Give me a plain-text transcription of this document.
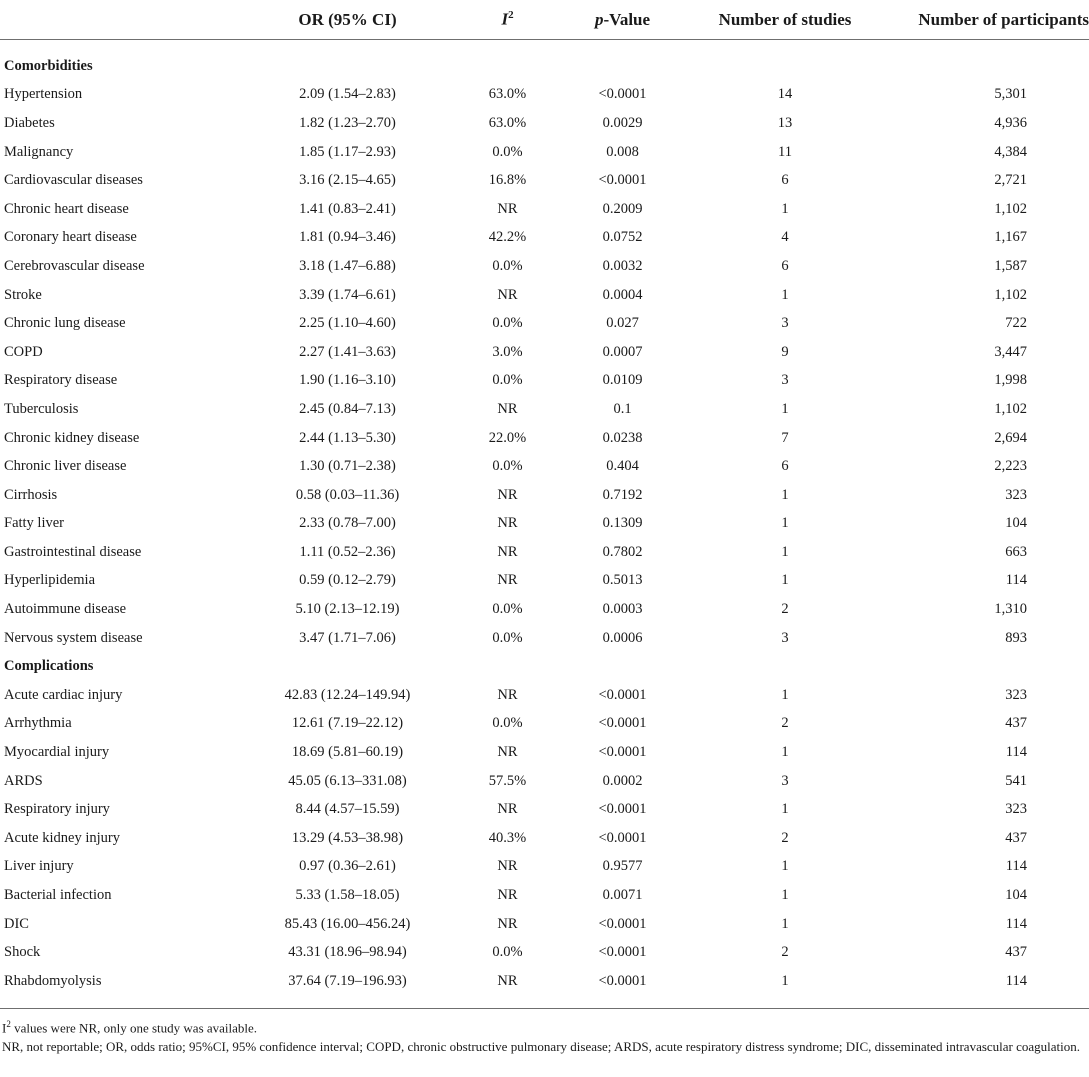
	OR (95% CI)	$I^2$	p-Value	Number of studies	Number of participants
Comorbidities					
Hypertension	2.09 (1.54–2.83)	63.0%	<0.0001	14	5,301
Diabetes	1.82 (1.23–2.70)	63.0%	0.0029	13	4,936
Malignancy	1.85 (1.17–2.93)	0.0%	0.008	11	4,384
Cardiovascular diseases	3.16 (2.15–4.65)	16.8%	<0.0001	6	2,721
Chronic heart disease	1.41 (0.83–2.41)	NR	0.2009	1	1,102
Coronary heart disease	1.81 (0.94–3.46)	42.2%	0.0752	4	1,167
Cerebrovascular disease	3.18 (1.47–6.88)	0.0%	0.0032	6	1,587
Stroke	3.39 (1.74–6.61)	NR	0.0004	1	1,102
Chronic lung disease	2.25 (1.10–4.60)	0.0%	0.027	3	722
COPD	2.27 (1.41–3.63)	3.0%	0.0007	9	3,447
Respiratory disease	1.90 (1.16–3.10)	0.0%	0.0109	3	1,998
Tuberculosis	2.45 (0.84–7.13)	NR	0.1	1	1,102
Chronic kidney disease	2.44 (1.13–5.30)	22.0%	0.0238	7	2,694
Chronic liver disease	1.30 (0.71–2.38)	0.0%	0.404	6	2,223
Cirrhosis	0.58 (0.03–11.36)	NR	0.7192	1	323
Fatty liver	2.33 (0.78–7.00)	NR	0.1309	1	104
Gastrointestinal disease	1.11 (0.52–2.36)	NR	0.7802	1	663
Hyperlipidemia	0.59 (0.12–2.79)	NR	0.5013	1	114
Autoimmune disease	5.10 (2.13–12.19)	0.0%	0.0003	2	1,310
Nervous system disease	3.47 (1.71–7.06)	0.0%	0.0006	3	893
Complications					
Acute cardiac injury	42.83 (12.24–149.94)	NR	<0.0001	1	323
Arrhythmia	12.61 (7.19–22.12)	0.0%	<0.0001	2	437
Myocardial injury	18.69 (5.81–60.19)	NR	<0.0001	1	114
ARDS	45.05 (6.13–331.08)	57.5%	0.0002	3	541
Respiratory injury	8.44 (4.57–15.59)	NR	<0.0001	1	323
Acute kidney injury	13.29 (4.53–38.98)	40.3%	<0.0001	2	437
Liver injury	0.97 (0.36–2.61)	NR	0.9577	1	114
Bacterial infection	5.33 (1.58–18.05)	NR	0.0071	1	104
DIC	85.43 (16.00–456.24)	NR	<0.0001	1	114
Shock	43.31 (18.96–98.94)	0.0%	<0.0001	2	437
Rhabdomyolysis	37.64 (7.19–196.93)	NR	<0.0001	1	114

$I^2$ values were NR, only one study was available.

NR, not reportable; OR, odds ratio; 95%CI, 95% confidence interval; COPD, chronic obstructive pulmonary disease; ARDS, acute respiratory distress syndrome; DIC, disseminated intravascular coagulation.
